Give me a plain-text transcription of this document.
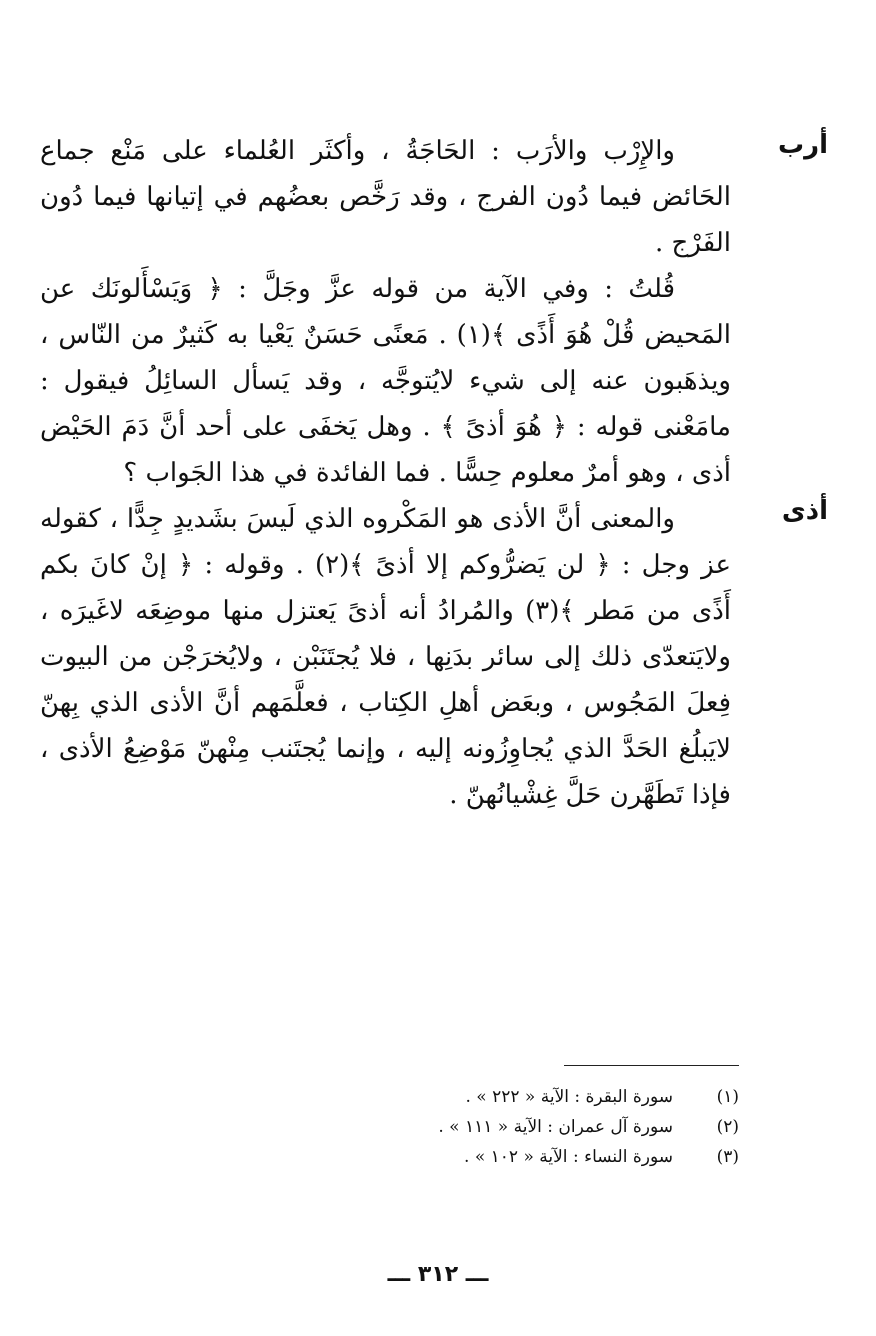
أرب
أذى

والإِرْب والأرَب : الحَاجَةُ ، وأكثَر العُلماء على مَنْع جماع الحَائض فيما دُون الفرج ، وقد رَخَّص بعضُهم في إتيانها فيما دُون الفَرْج .

قُلتُ : وفي الآية من قوله عزَّ وجَلَّ : ﴿ وَيَسْأَلونَك عن المَحيض قُلْ هُوَ أَذًى ﴾(١) . مَعنًى حَسَنٌ يَعْيا به كَثيرٌ من النّاس ، ويذهَبون عنه إلى شيء لايُتوجَّه ، وقد يَسأل السائِلُ فيقول : مامَعْنى قوله : ﴿ هُوَ أذىً ﴾ . وهل يَخفَى على أحد أنَّ دَمَ الحَيْض أذى ، وهو أمرٌ معلوم حِسًّا . فما الفائدة في هذا الجَواب ؟

والمعنى أنَّ الأذى هو المَكْروه الذي لَيسَ بشَديدٍ جِدًّا ، كقوله عز وجل : ﴿ لن يَضرُّوكم إلا أذىً ﴾(٢) . وقوله : ﴿ إنْ كانَ بكم أَذًى من مَطر ﴾(٣) والمُرادُ أنه أذىً يَعتزل منها موضِعَه لاغَيرَه ، ولايَتعدّى ذلك إلى سائر بدَنِها ، فلا يُجتَنَبْن ، ولايُخرَجْن من البيوت فِعلَ المَجُوس ، وبعَض أهلِ الكِتاب ، فعلَّمَهم أنَّ الأذى الذي بِهنّ لايَبلُغ الحَدَّ الذي يُجاوِزُونه إليه ، وإنما يُجتَنب مِنْهنّ مَوْضِعُ الأذى ، فإذا تَطَهَّرن حَلَّ غِشْيانُهنّ .

(١)
سورة البقرة : الآية « ٢٢٢ » .
(٢)
سورة آل عمران : الآية « ١١١ » .
(٣)
سورة النساء : الآية « ١٠٢ » .
ـــ ٣١٢ ـــ
